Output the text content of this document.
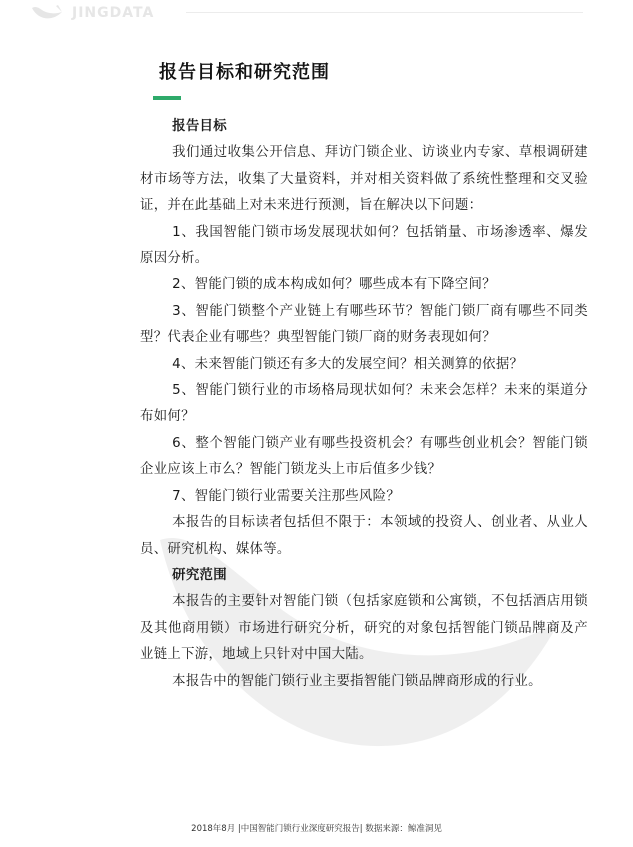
JINGDATA
报告目标和研究范围

报告目标

我们通过收集公开信息、拜访门锁企业、访谈业内专家、草根调研建材市场等方法，收集了大量资料，并对相关资料做了系统性整理和交叉验证，并在此基础上对未来进行预测，旨在解决以下问题：

1、我国智能门锁市场发展现状如何？包括销量、市场渗透率、爆发原因分析。

2、智能门锁的成本构成如何？哪些成本有下降空间？

3、智能门锁整个产业链上有哪些环节？智能门锁厂商有哪些不同类型？代表企业有哪些？典型智能门锁厂商的财务表现如何？

4、未来智能门锁还有多大的发展空间？相关测算的依据？

5、智能门锁行业的市场格局现状如何？未来会怎样？未来的渠道分布如何？

6、整个智能门锁产业有哪些投资机会？有哪些创业机会？智能门锁企业应该上市么？智能门锁龙头上市后值多少钱？

7、智能门锁行业需要关注那些风险？

本报告的目标读者包括但不限于：本领域的投资人、创业者、从业人员、研究机构、媒体等。

研究范围

本报告的主要针对智能门锁（包括家庭锁和公寓锁，不包括酒店用锁及其他商用锁）市场进行研究分析，研究的对象包括智能门锁品牌商及产业链上下游，地域上只针对中国大陆。

本报告中的智能门锁行业主要指智能门锁品牌商形成的行业。

2018年8月 |中国智能门锁行业深度研究报告| 数据来源：鲸准洞见
